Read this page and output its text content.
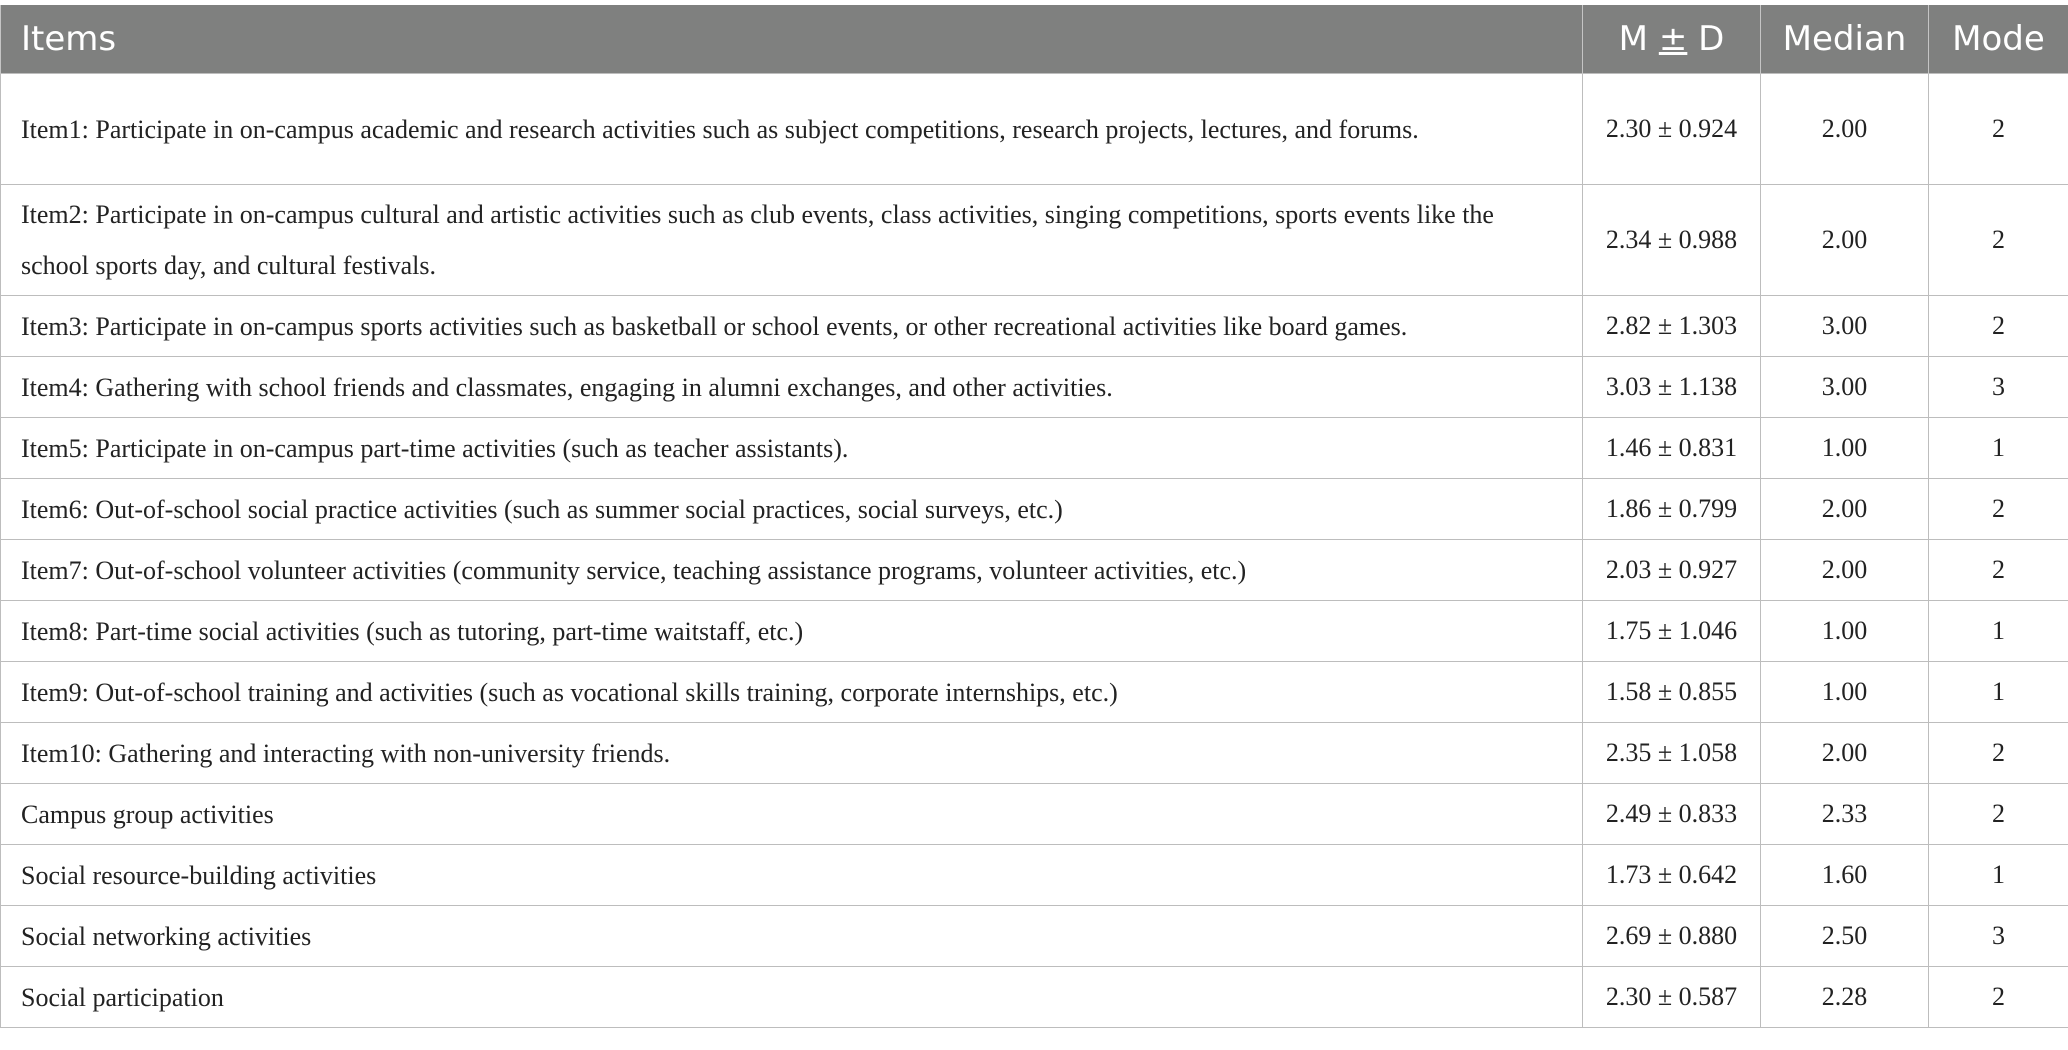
Items	M ± D	Median	Mode
Item1: Participate in on-campus academic and research activities such as subject competitions, research projects, lectures, and forums.	2.30 ± 0.924	2.00	2
Item2: Participate in on-campus cultural and artistic activities such as club events, class activities, singing competitions, sports events like the school sports day, and cultural festivals.	2.34 ± 0.988	2.00	2
Item3: Participate in on-campus sports activities such as basketball or school events, or other recreational activities like board games.	2.82 ± 1.303	3.00	2
Item4: Gathering with school friends and classmates, engaging in alumni exchanges, and other activities.	3.03 ± 1.138	3.00	3
Item5: Participate in on-campus part-time activities (such as teacher assistants).	1.46 ± 0.831	1.00	1
Item6: Out-of-school social practice activities (such as summer social practices, social surveys, etc.)	1.86 ± 0.799	2.00	2
Item7: Out-of-school volunteer activities (community service, teaching assistance programs, volunteer activities, etc.)	2.03 ± 0.927	2.00	2
Item8: Part-time social activities (such as tutoring, part-time waitstaff, etc.)	1.75 ± 1.046	1.00	1
Item9: Out-of-school training and activities (such as vocational skills training, corporate internships, etc.)	1.58 ± 0.855	1.00	1
Item10: Gathering and interacting with non-university friends.	2.35 ± 1.058	2.00	2
Campus group activities	2.49 ± 0.833	2.33	2
Social resource-building activities	1.73 ± 0.642	1.60	1
Social networking activities	2.69 ± 0.880	2.50	3
Social participation	2.30 ± 0.587	2.28	2
